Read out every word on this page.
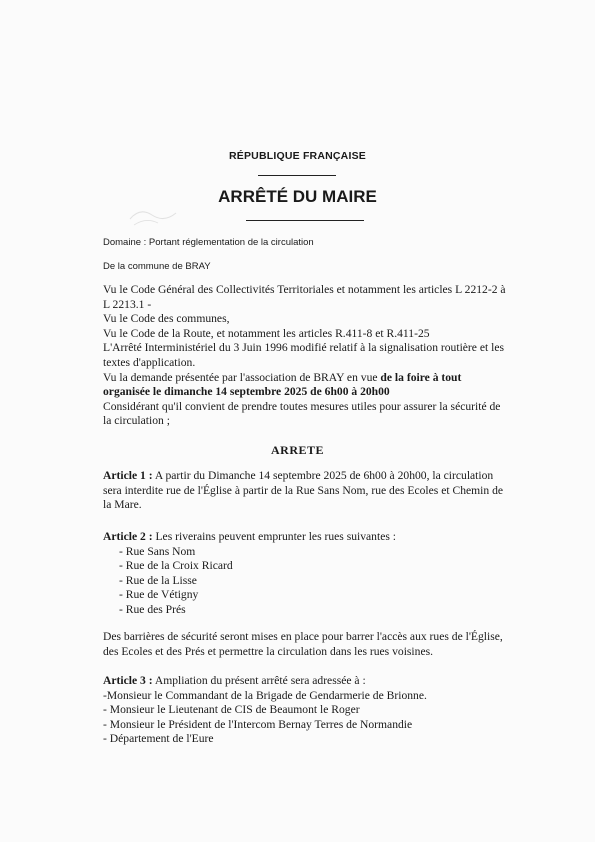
RÉPUBLIQUE FRANÇAISE
ARRÊTÉ DU MAIRE
Domaine : Portant réglementation de la circulation
De la commune de BRAY

Vu le Code Général des Collectivités Territoriales et notamment les articles L 2212-2 à L 2213.1 -

Vu le Code des communes,

Vu le Code de la Route, et notamment les articles R.411-8 et R.411-25

L'Arrêté Interministériel du 3 Juin 1996 modifié relatif à la signalisation routière et les textes d'application.

Vu la demande présentée par l'association de BRAY en vue de la foire à tout organisée le dimanche 14 septembre 2025 de 6h00 à 20h00

Considérant qu'il convient de prendre toutes mesures utiles pour assurer la sécurité de la circulation ;

ARRETE

Article 1 : A partir du Dimanche 14 septembre 2025 de 6h00 à 20h00, la circulation sera interdite rue de l'Église à partir de la Rue Sans Nom, rue des Ecoles et Chemin de la Mare.

Article 2 : Les riverains peuvent emprunter les rues suivantes :

- Rue Sans Nom
- Rue de la Croix Ricard
- Rue de la Lisse
- Rue de Vétigny
- Rue des Prés
Des barrières de sécurité seront mises en place pour barrer l'accès aux rues de l'Église, des Ecoles et des Prés et permettre la circulation dans les rues voisines.

Article 3 : Ampliation du présent arrêté sera adressée à :

-Monsieur le Commandant de la Brigade de Gendarmerie de Brionne.

- Monsieur le Lieutenant de CIS de Beaumont le Roger

- Monsieur le Président de l'Intercom Bernay Terres de Normandie

- Département de l'Eure
